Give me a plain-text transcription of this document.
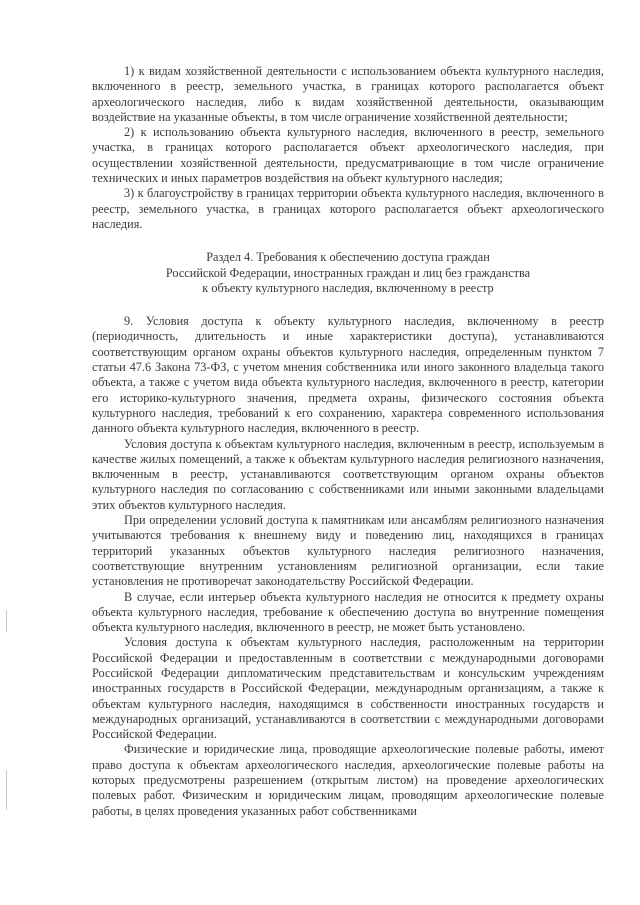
1) к видам хозяйственной деятельности с использованием объекта культурного наследия, включенного в реестр, земельного участка, в границах которого располагается объект археологического наследия, либо к видам хозяйственной деятельности, оказывающим воздействие на указанные объекты, в том числе ограничение хозяйственной деятельности;

2) к использованию объекта культурного наследия, включенного в реестр, земельного участка, в границах которого располагается объект археологического наследия, при осуществлении хозяйственной деятельности, предусматривающие в том числе ограничение технических и иных параметров воздействия на объект культурного наследия;

3) к благоустройству в границах территории объекта культурного наследия, включенного в реестр, земельного участка, в границах которого располагается объект археологического наследия.

Раздел 4. Требования к обеспечению доступа граждан
Российской Федерации, иностранных граждан и лиц без гражданства
к объекту культурного наследия, включенному в реестр

9. Условия доступа к объекту культурного наследия, включенному в реестр (периодичность, длительность и иные характеристики доступа), устанавливаются соответствующим органом охраны объектов культурного наследия, определенным пунктом 7 статьи 47.6 Закона 73-ФЗ, с учетом мнения собственника или иного законного владельца такого объекта, а также с учетом вида объекта культурного наследия, включенного в реестр, категории его историко-культурного значения, предмета охраны, физического состояния объекта культурного наследия, требований к его сохранению, характера современного использования данного объекта культурного наследия, включенного в реестр.

Условия доступа к объектам культурного наследия, включенным в реестр, используемым в качестве жилых помещений, а также к объектам культурного наследия религиозного назначения, включенным в реестр, устанавливаются соответствующим органом охраны объектов культурного наследия по согласованию с собственниками или иными законными владельцами этих объектов культурного наследия.

При определении условий доступа к памятникам или ансамблям религиозного назначения учитываются требования к внешнему виду и поведению лиц, находящихся в границах территорий указанных объектов культурного наследия религиозного назначения, соответствующие внутренним установлениям религиозной организации, если такие установления не противоречат законодательству Российской Федерации.

В случае, если интерьер объекта культурного наследия не относится к предмету охраны объекта культурного наследия, требование к обеспечению доступа во внутренние помещения объекта культурного наследия, включенного в реестр, не может быть установлено.

Условия доступа к объектам культурного наследия, расположенным на территории Российской Федерации и предоставленным в соответствии с международными договорами Российской Федерации дипломатическим представительствам и консульским учреждениям иностранных государств в Российской Федерации, международным организациям, а также к объектам культурного наследия, находящимся в собственности иностранных государств и международных организаций, устанавливаются в соответствии с международными договорами Российской Федерации.

Физические и юридические лица, проводящие археологические полевые работы, имеют право доступа к объектам археологического наследия, археологические полевые работы на которых предусмотрены разрешением (открытым листом) на проведение археологических полевых работ. Физическим и юридическим лицам, проводящим археологические полевые работы, в целях проведения указанных работ собственниками
